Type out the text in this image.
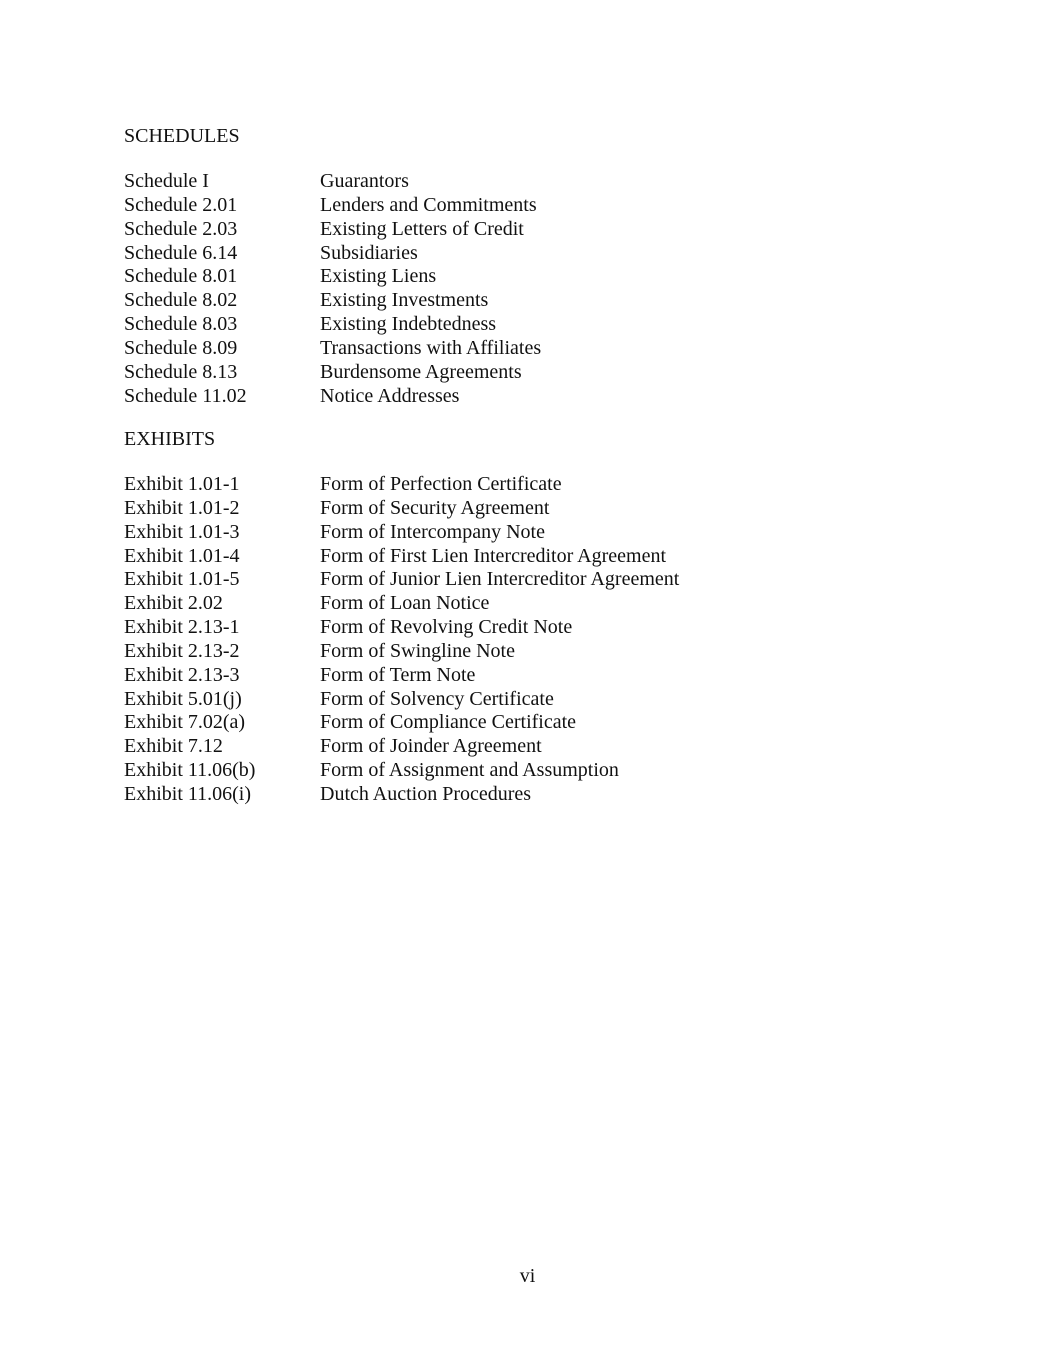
SCHEDULES
Schedule I	Guarantors
Schedule 2.01	Lenders and Commitments
Schedule 2.03	Existing Letters of Credit
Schedule 6.14	Subsidiaries
Schedule 8.01	Existing Liens
Schedule 8.02	Existing Investments
Schedule 8.03	Existing Indebtedness
Schedule 8.09	Transactions with Affiliates
Schedule 8.13	Burdensome Agreements
Schedule 11.02	Notice Addresses
EXHIBITS
Exhibit 1.01-1	Form of Perfection Certificate
Exhibit 1.01-2	Form of Security Agreement
Exhibit 1.01-3	Form of Intercompany Note
Exhibit 1.01-4	Form of First Lien Intercreditor Agreement
Exhibit 1.01-5	Form of Junior Lien Intercreditor Agreement
Exhibit 2.02	Form of Loan Notice
Exhibit 2.13-1	Form of Revolving Credit Note
Exhibit 2.13-2	Form of Swingline Note
Exhibit 2.13-3	Form of Term Note
Exhibit 5.01(j)	Form of Solvency Certificate
Exhibit 7.02(a)	Form of Compliance Certificate
Exhibit 7.12	Form of Joinder Agreement
Exhibit 11.06(b)	Form of Assignment and Assumption
Exhibit 11.06(i)	Dutch Auction Procedures
vi
